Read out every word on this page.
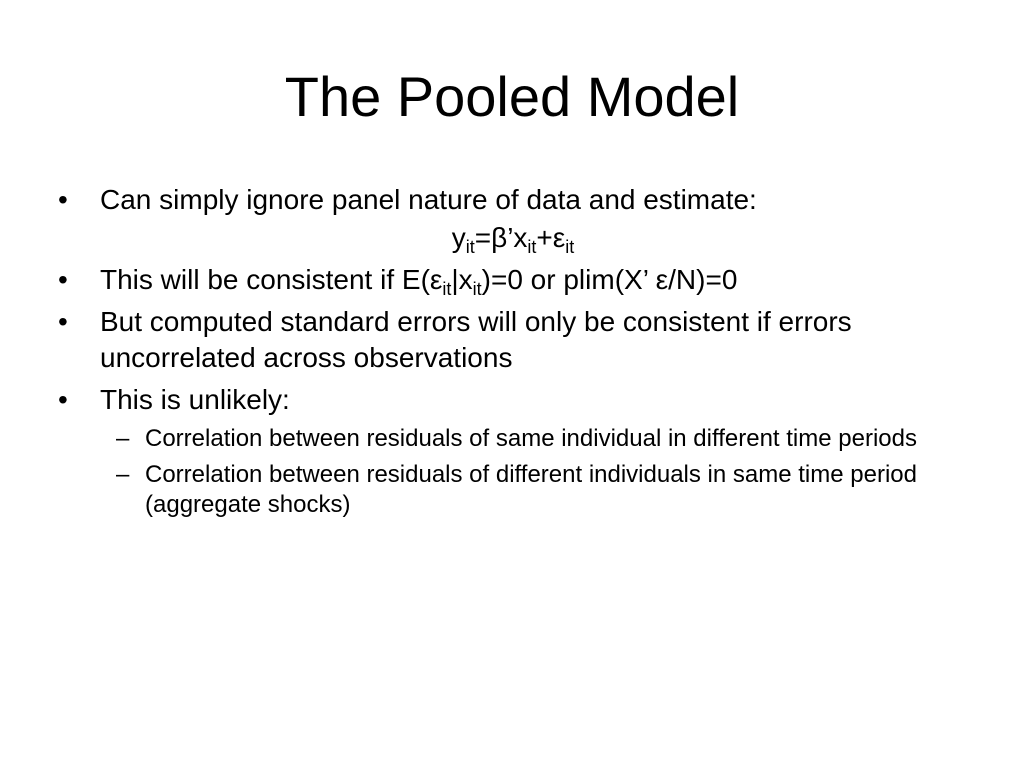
The Pooled Model
•	Can simply ignore panel nature of data and estimate:
$y_{it}=\beta’x_{it}+\varepsilon_{it}$
•	This will be consistent if $E(\varepsilon_{it}|x_{it})=0$ or plim(X’ ε/N)=0
•	But computed standard errors will only be consistent if errors uncorrelated across observations
•	This is unlikely:
– Correlation between residuals of same individual in different time periods
– Correlation between residuals of different individuals in same time period (aggregate shocks)
